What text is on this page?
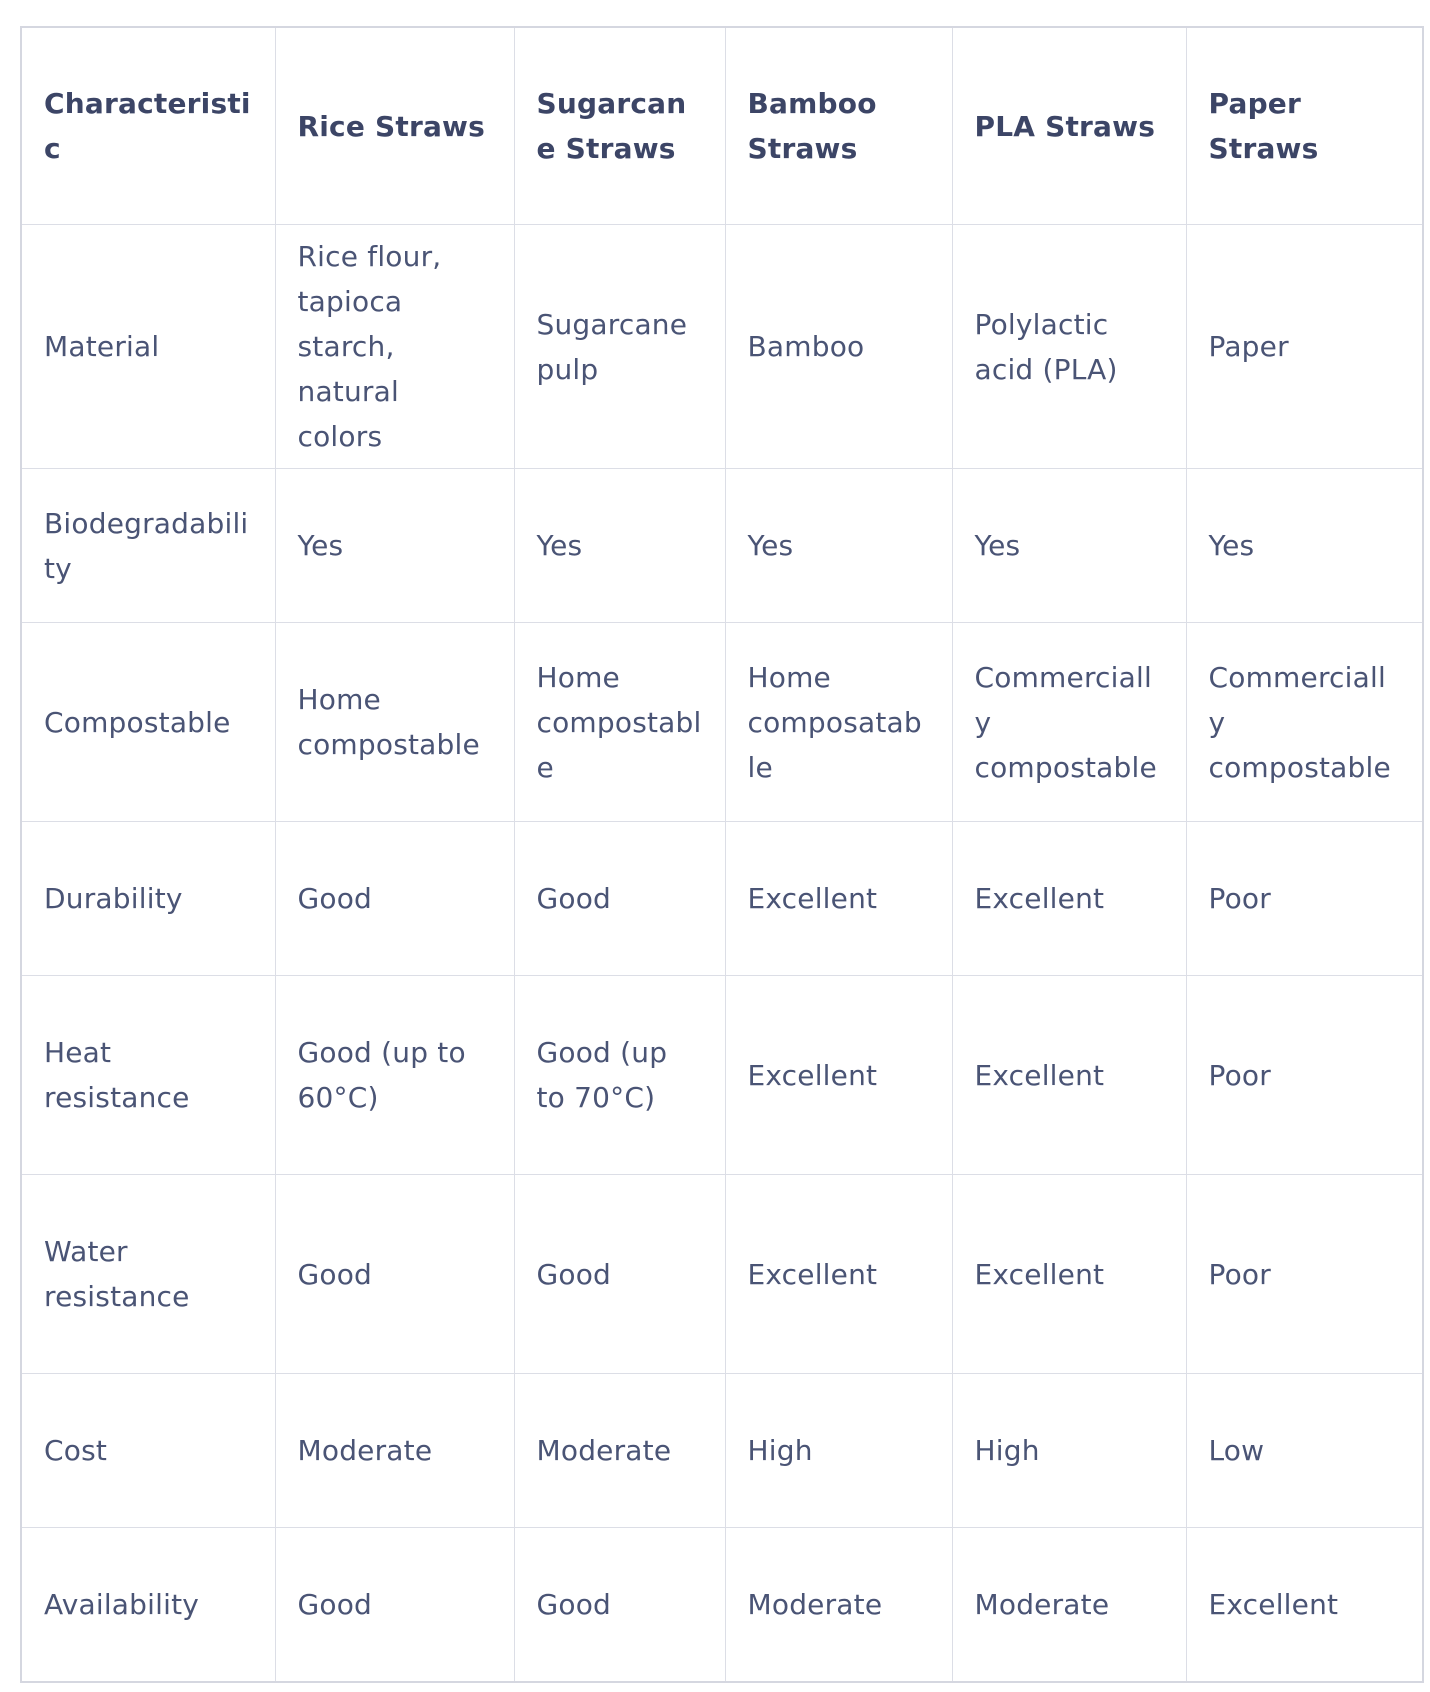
Characteristic	Rice Straws	Sugarcane Straws	Bamboo Straws	PLA Straws	Paper Straws
Material	Rice flour, tapioca starch, natural colors	Sugarcane pulp	Bamboo	Polylactic acid (PLA)	Paper
Biodegradability	Yes	Yes	Yes	Yes	Yes
Compostable	Home compostable	Home compostable	Home composatable	Commercially compostable	Commercially compostable
Durability	Good	Good	Excellent	Excellent	Poor
Heat resistance	Good (up to 60°C)	Good (up to 70°C)	Excellent	Excellent	Poor
Water resistance	Good	Good	Excellent	Excellent	Poor
Cost	Moderate	Moderate	High	High	Low
Availability	Good	Good	Moderate	Moderate	Excellent
